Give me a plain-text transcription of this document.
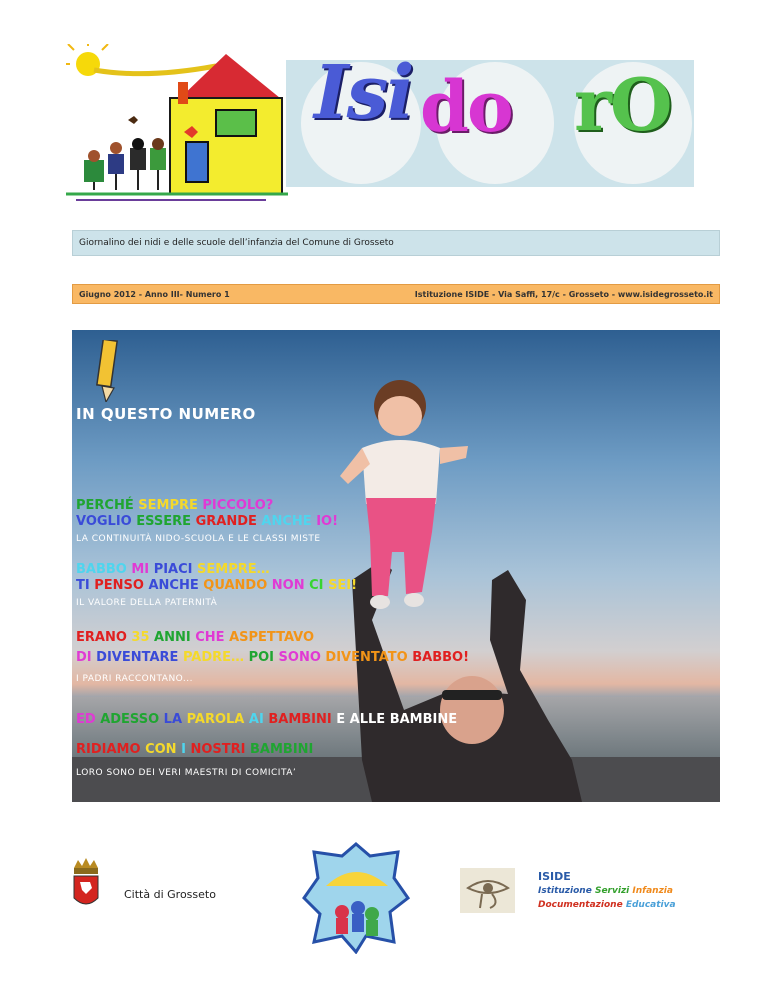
Isi do rO
Giornalino dei nidi e delle scuole dell’infanzia del Comune di Grosseto
Giugno 2012 - Anno III- Numero 1	Istituzione ISIDE - Via Saffi, 17/c - Grosseto - www.isidegrosseto.it
IN QUESTO NUMERO
PERCHÉ SEMPRE PICCOLO?
VOGLIO ESSERE GRANDE ANCHE IO!
LA CONTINUITÀ NIDO-SCUOLA E LE CLASSI MISTE
BABBO MI PIACI SEMPRE…
TI PENSO ANCHE QUANDO NON CI SEI!
IL VALORE DELLA PATERNITÀ
ERANO 35 ANNI CHE ASPETTAVO
DI DIVENTARE PADRE… POI SONO DIVENTATO BABBO!
I PADRI RACCONTANO...
ED ADESSO LA PAROLA AI BAMBINI E ALLE BAMBINE
RIDIAMO CON I NOSTRI BAMBINI
LORO SONO DEI VERI MAESTRI DI COMICITA’
Città di Grosseto
ISIDE
Istituzione Servizi Infanzia
Documentazione Educativa
